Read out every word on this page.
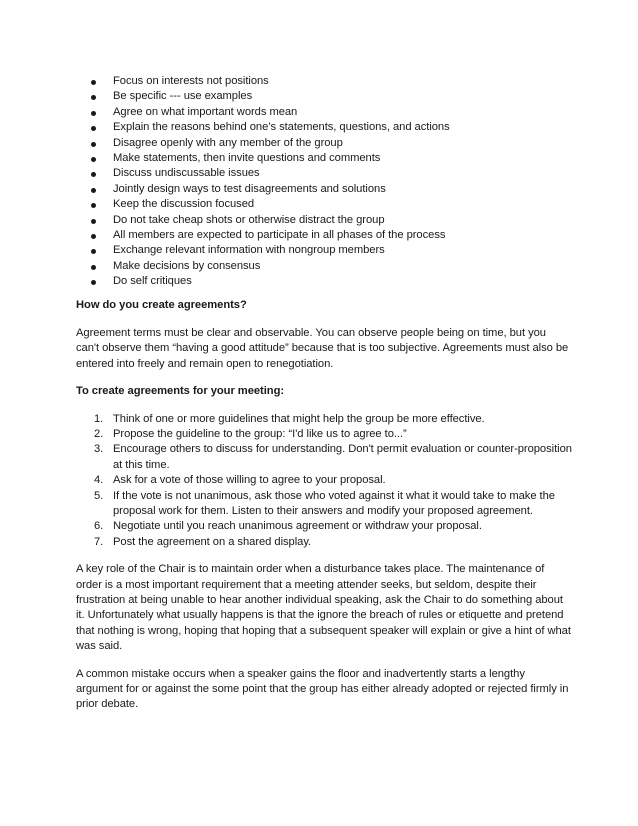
Focus on interests not positions
Be specific --- use examples
Agree on what important words mean
Explain the reasons behind one’s statements, questions, and actions
Disagree openly with any member of the group
Make statements, then invite questions and comments
Discuss undiscussable issues
Jointly design ways to test disagreements and solutions
Keep the discussion focused
Do not take cheap shots or otherwise distract the group
All members are expected to participate in all phases of the process
Exchange relevant information with nongroup members
Make decisions by consensus
Do self critiques
How do you create agreements?

Agreement terms must be clear and observable. You can observe people being on time, but you can't observe them “having a good attitude” because that is too subjective. Agreements must also be entered into freely and remain open to renegotiation.

To create agreements for your meeting:
1. Think of one or more guidelines that might help the group be more effective.
2. Propose the guideline to the group: “I'd like us to agree to...”
3. Encourage others to discuss for understanding. Don't permit evaluation or counter-proposition at this time.
4. Ask for a vote of those willing to agree to your proposal.
5. If the vote is not unanimous, ask those who voted against it what it would take to make the proposal work for them. Listen to their answers and modify your proposed agreement.
6. Negotiate until you reach unanimous agreement or withdraw your proposal.
7. Post the agreement on a shared display.

A key role of the Chair is to maintain order when a disturbance takes place. The maintenance of order is a most important requirement that a meeting attender seeks, but seldom, despite their frustration at being unable to hear another individual speaking, ask the Chair to do something about it. Unfortunately what usually happens is that the ignore the breach of rules or etiquette and pretend that nothing is wrong, hoping that hoping that a subsequent speaker will explain or give a hint of what was said.

A common mistake occurs when a speaker gains the floor and inadvertently starts a lengthy argument for or against the some point that the group has either already adopted or rejected firmly in prior debate.
